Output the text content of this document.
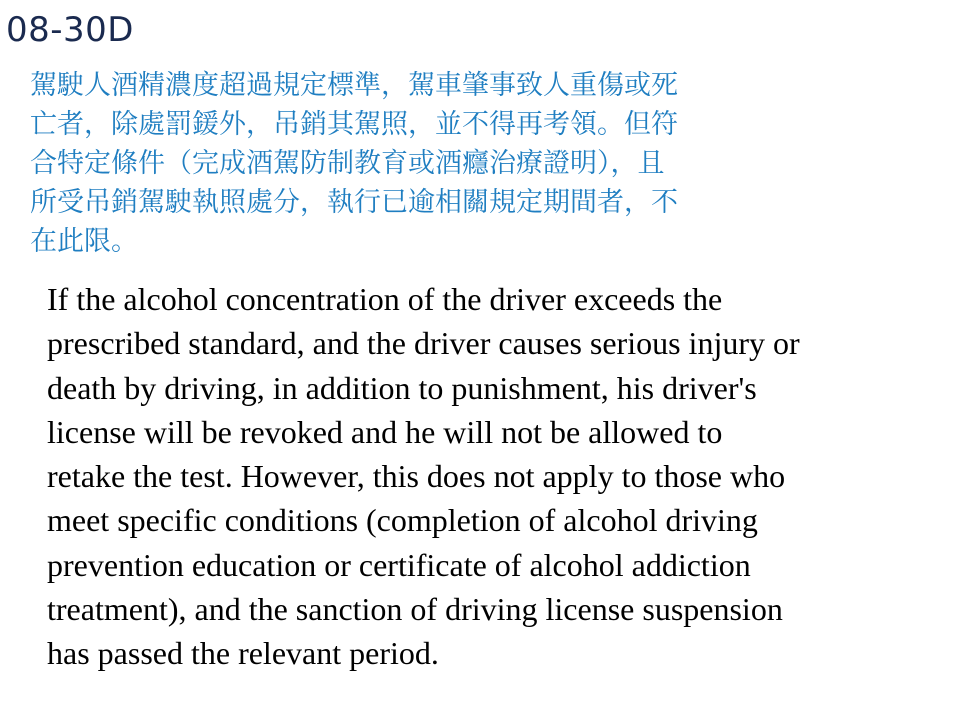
08-30D
駕駛人酒精濃度超過規定標準，駕車肇事致人重傷或死
亡者，除處罰鍰外，吊銷其駕照，並不得再考領。但符
合特定條件（完成酒駕防制教育或酒癮治療證明），且
所受吊銷駕駛執照處分，執行已逾相關規定期間者，不
在此限。
If the alcohol concentration of the driver exceeds the
prescribed standard, and the driver causes serious injury or
death by driving, in addition to punishment, his driver's
license will be revoked and he will not be allowed to
retake the test. However, this does not apply to those who
meet specific conditions (completion of alcohol driving
prevention education or certificate of alcohol addiction
treatment), and the sanction of driving license suspension
has passed the relevant period.
